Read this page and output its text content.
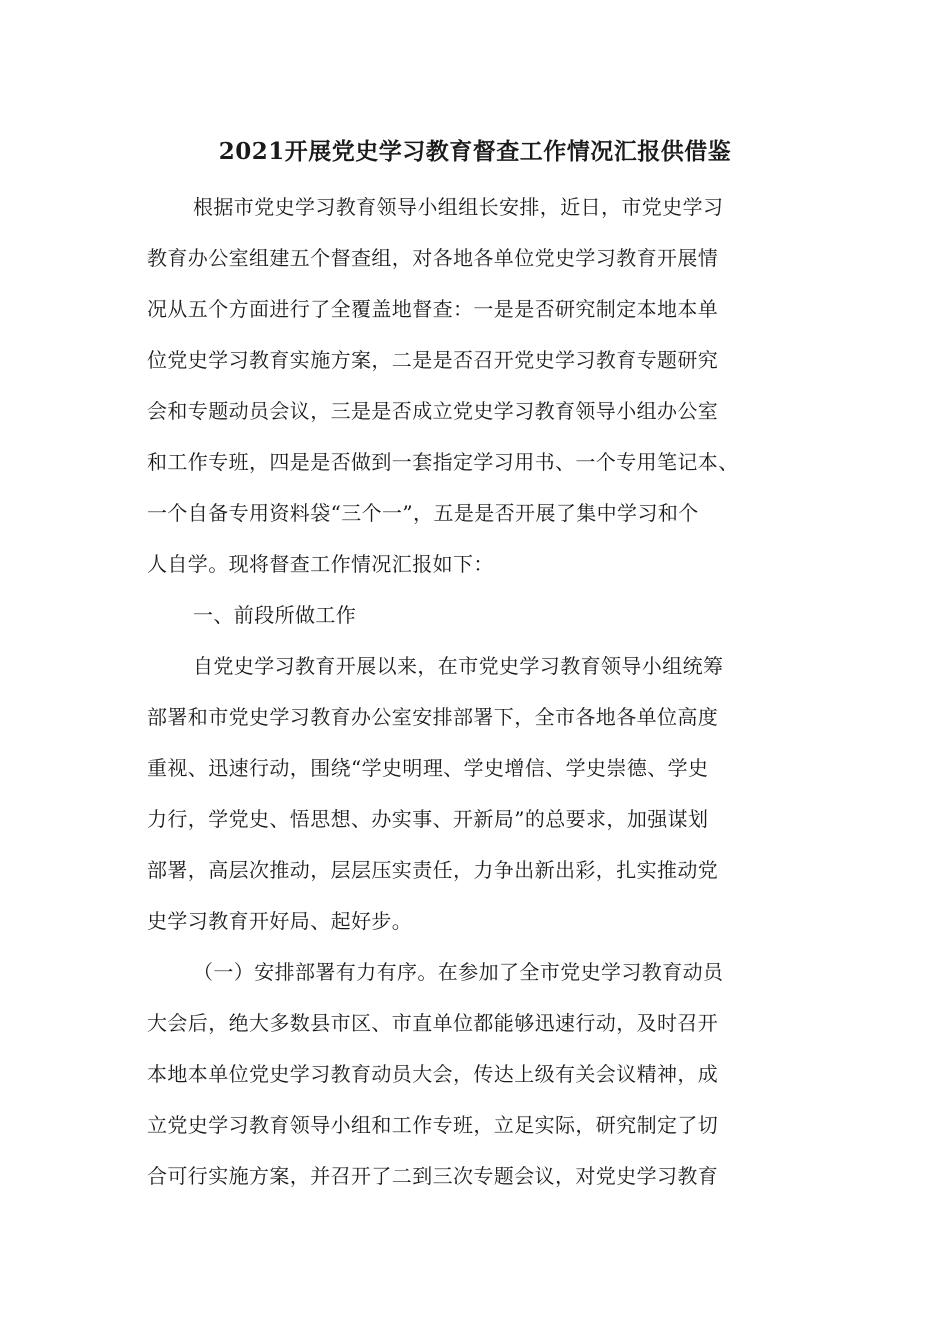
2021开展党史学习教育督查工作情况汇报供借鉴
根据市党史学习教育领导小组组长安排，近日，市党史学习
教育办公室组建五个督查组，对各地各单位党史学习教育开展情
况从五个方面进行了全覆盖地督查：一是是否研究制定本地本单
位党史学习教育实施方案，二是是否召开党史学习教育专题研究
会和专题动员会议，三是是否成立党史学习教育领导小组办公室
和工作专班，四是是否做到一套指定学习用书、一个专用笔记本、
一个自备专用资料袋“三个一”，五是是否开展了集中学习和个
人自学。现将督查工作情况汇报如下：
一、前段所做工作
自党史学习教育开展以来，在市党史学习教育领导小组统筹
部署和市党史学习教育办公室安排部署下，全市各地各单位高度
重视、迅速行动，围绕“学史明理、学史增信、学史崇德、学史
力行，学党史、悟思想、办实事、开新局”的总要求，加强谋划
部署，高层次推动，层层压实责任，力争出新出彩，扎实推动党
史学习教育开好局、起好步。
（一）安排部署有力有序。在参加了全市党史学习教育动员
大会后，绝大多数县市区、市直单位都能够迅速行动，及时召开
本地本单位党史学习教育动员大会，传达上级有关会议精神，成
立党史学习教育领导小组和工作专班，立足实际，研究制定了切
合可行实施方案，并召开了二到三次专题会议，对党史学习教育
